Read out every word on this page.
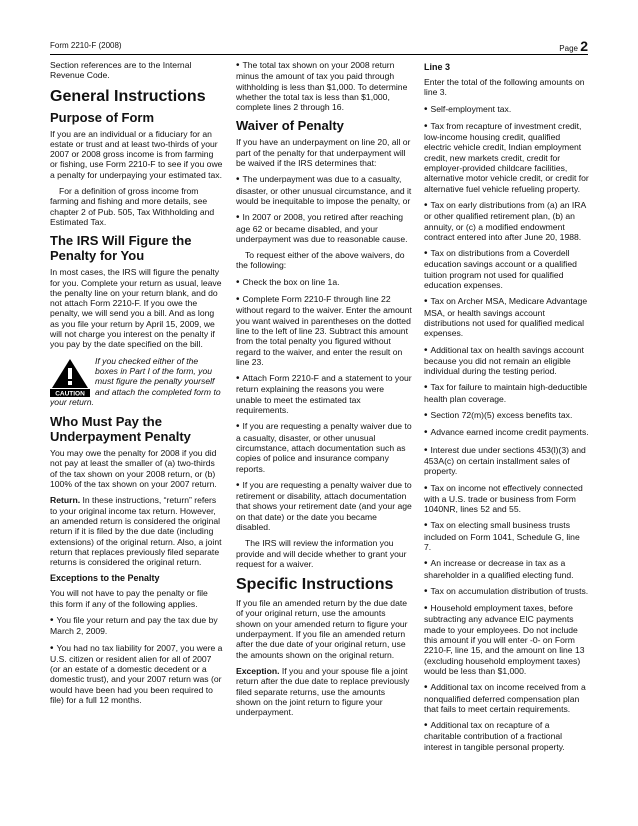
Form 2210-F (2008)	Page 2

Section references are to the Internal Revenue Code.

General Instructions
Purpose of Form

If you are an individual or a fiduciary for an estate or trust and at least two-thirds of your 2007 or 2008 gross income is from farming or fishing, use Form 2210-F to see if you owe a penalty for underpaying your estimated tax.

For a definition of gross income from farming and fishing and more details, see chapter 2 of Pub. 505, Tax Withholding and Estimated Tax.

The IRS Will Figure the Penalty for You

In most cases, the IRS will figure the penalty for you. Complete your return as usual, leave the penalty line on your return blank, and do not attach Form 2210-F. If you owe the penalty, we will send you a bill. And as long as you file your return by April 15, 2009, we will not charge you interest on the penalty if you pay by the date specified on the bill.

CAUTION
If you checked either of the boxes in Part I of the form, you must figure the penalty yourself and attach the completed form to your return.
Who Must Pay the Underpayment Penalty

You may owe the penalty for 2008 if you did not pay at least the smaller of (a) two-thirds of the tax shown on your 2008 return, or (b) 100% of the tax shown on your 2007 return.

Return. In these instructions, “return” refers to your original income tax return. However, an amended return is considered the original return if it is filed by the due date (including extensions) of the original return. Also, a joint return that replaces previously filed separate returns is considered the original return.

Exceptions to the Penalty

You will not have to pay the penalty or file this form if any of the following applies.

• You file your return and pay the tax due by March 2, 2009.

• You had no tax liability for 2007, you were a U.S. citizen or resident alien for all of 2007 (or an estate of a domestic decedent or a domestic trust), and your 2007 return was (or would have been had you been required to file) for a full 12 months.

• The total tax shown on your 2008 return minus the amount of tax you paid through withholding is less than $1,000. To determine whether the total tax is less than $1,000, complete lines 2 through 16.

Waiver of Penalty

If you have an underpayment on line 20, all or part of the penalty for that underpayment will be waived if the IRS determines that:

• The underpayment was due to a casualty, disaster, or other unusual circumstance, and it would be inequitable to impose the penalty, or

• In 2007 or 2008, you retired after reaching age 62 or became disabled, and your underpayment was due to reasonable cause.

To request either of the above waivers, do the following:

• Check the box on line 1a.

• Complete Form 2210-F through line 22 without regard to the waiver. Enter the amount you want waived in parentheses on the dotted line to the left of line 23. Subtract this amount from the total penalty you figured without regard to the waiver, and enter the result on line 23.

• Attach Form 2210-F and a statement to your return explaining the reasons you were unable to meet the estimated tax requirements.

• If you are requesting a penalty waiver due to a casualty, disaster, or other unusual circumstance, attach documentation such as copies of police and insurance company reports.

• If you are requesting a penalty waiver due to retirement or disability, attach documentation that shows your retirement date (and your age on that date) or the date you became disabled.

The IRS will review the information you provide and will decide whether to grant your request for a waiver.

Specific Instructions

If you file an amended return by the due date of your original return, use the amounts shown on your amended return to figure your underpayment. If you file an amended return after the due date of your original return, use the amounts shown on the original return.

Exception. If you and your spouse file a joint return after the due date to replace previously filed separate returns, use the amounts shown on the joint return to figure your underpayment.

Line 3

Enter the total of the following amounts on line 3.

• Self-employment tax.

• Tax from recapture of investment credit, low-income housing credit, qualified electric vehicle credit, Indian employment credit, new markets credit, credit for employer-provided childcare facilities, alternative motor vehicle credit, or credit for alternative fuel vehicle refueling property.

• Tax on early distributions from (a) an IRA or other qualified retirement plan, (b) an annuity, or (c) a modified endowment contract entered into after June 20, 1988.

• Tax on distributions from a Coverdell education savings account or a qualified tuition program not used for qualified education expenses.

• Tax on Archer MSA, Medicare Advantage MSA, or health savings account distributions not used for qualified medical expenses.

• Additional tax on health savings account because you did not remain an eligible individual during the testing period.

• Tax for failure to maintain high-deductible health plan coverage.

• Section 72(m)(5) excess benefits tax.

• Advance earned income credit payments.

• Interest due under sections 453(l)(3) and 453A(c) on certain installment sales of property.

• Tax on income not effectively connected with a U.S. trade or business from Form 1040NR, lines 52 and 55.

• Tax on electing small business trusts included on Form 1041, Schedule G, line 7.

• An increase or decrease in tax as a shareholder in a qualified electing fund.

• Tax on accumulation distribution of trusts.

• Household employment taxes, before subtracting any advance EIC payments made to your employees. Do not include this amount if you will enter -0- on Form 2210-F, line 15, and the amount on line 13 (excluding household employment taxes) would be less than $1,000.

• Additional tax on income received from a nonqualified deferred compensation plan that fails to meet certain requirements.

• Additional tax on recapture of a charitable contribution of a fractional interest in tangible personal property.
